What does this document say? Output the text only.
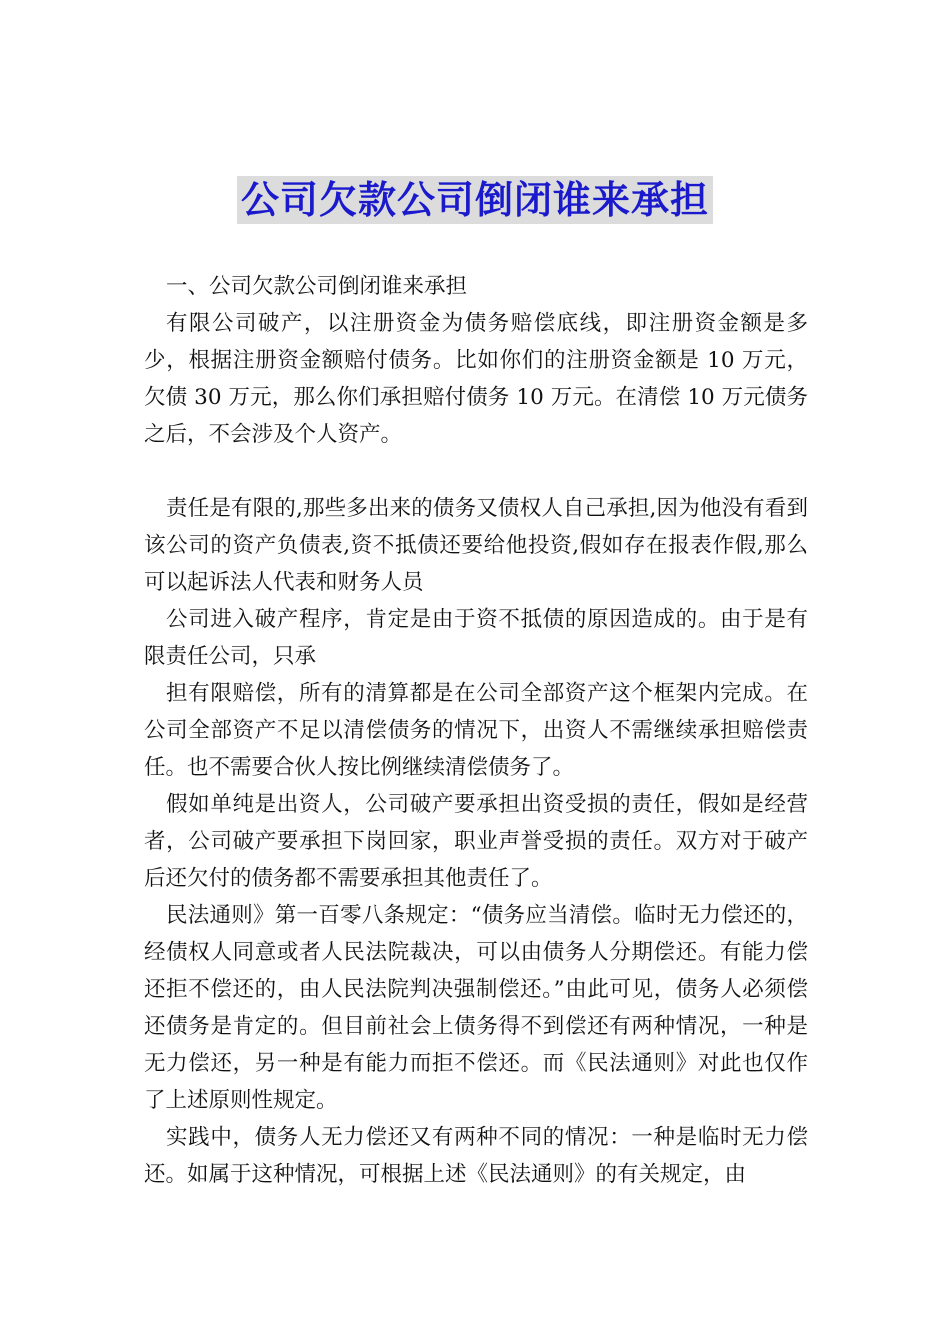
公司欠款公司倒闭谁来承担

一、公司欠款公司倒闭谁来承担

有限公司破产，以注册资金为债务赔偿底线，即注册资金额是多少，根据注册资金额赔付债务。比如你们的注册资金额是 10 万元，欠债 30 万元，那么你们承担赔付债务 10 万元。在清偿 10 万元债务之后，不会涉及个人资产。

责任是有限的,那些多出来的债务又债权人自己承担,因为他没有看到该公司的资产负债表,资不抵债还要给他投资,假如存在报表作假,那么可以起诉法人代表和财务人员

公司进入破产程序，肯定是由于资不抵债的原因造成的。由于是有限责任公司，只承

担有限赔偿，所有的清算都是在公司全部资产这个框架内完成。在公司全部资产不足以清偿债务的情况下，出资人不需继续承担赔偿责任。也不需要合伙人按比例继续清偿债务了。

假如单纯是出资人，公司破产要承担出资受损的责任，假如是经营者，公司破产要承担下岗回家，职业声誉受损的责任。双方对于破产后还欠付的债务都不需要承担其他责任了。

民法通则》第一百零八条规定：“债务应当清偿。临时无力偿还的，经债权人同意或者人民法院裁决，可以由债务人分期偿还。有能力偿还拒不偿还的，由人民法院判决强制偿还。”由此可见，债务人必须偿还债务是肯定的。但目前社会上债务得不到偿还有两种情况，一种是无力偿还，另一种是有能力而拒不偿还。而《民法通则》对此也仅作了上述原则性规定。

实践中，债务人无力偿还又有两种不同的情况：一种是临时无力偿还。如属于这种情况，可根据上述《民法通则》的有关规定，由
